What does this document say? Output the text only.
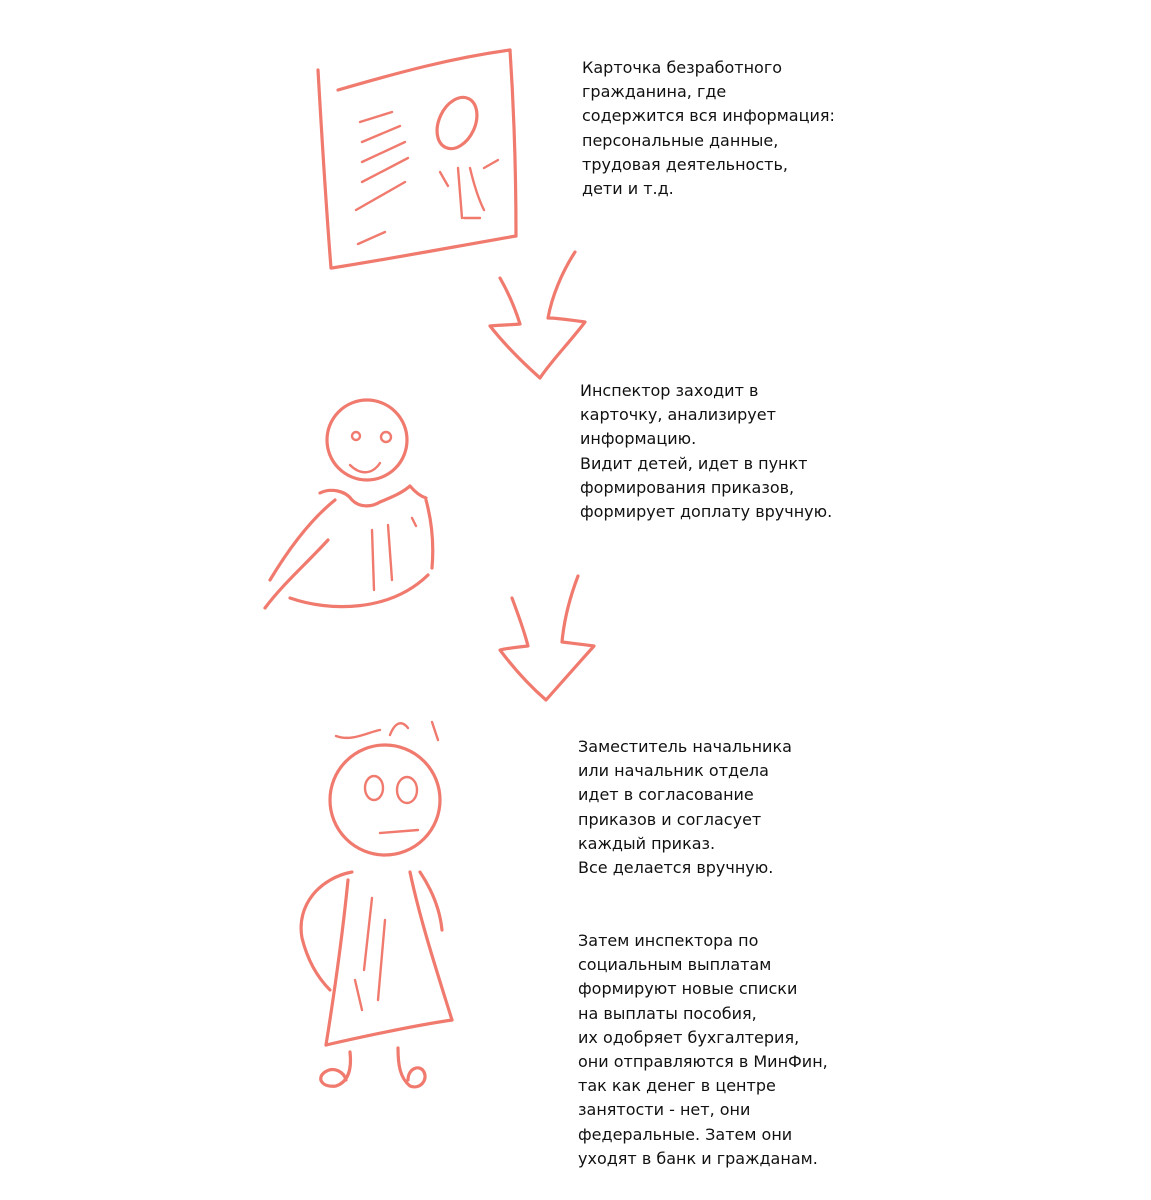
Карточка безработного
гражданина, где
содержится вся информация:
персональные данные,
трудовая деятельность,
дети и т.д.
Инспектор заходит в
карточку, анализирует
информацию.
Видит детей, идет в пункт
формирования приказов,
формирует доплату вручную.
Заместитель начальника
или начальник отдела
идет в согласование
приказов и согласует
каждый приказ.
Все делается вручную.
Затем инспектора по
социальным выплатам
формируют новые списки
на выплаты пособия,
их одобряет бухгалтерия,
они отправляются в МинФин,
так как денег в центре
занятости - нет, они
федеральные. Затем они
уходят в банк и гражданам.
